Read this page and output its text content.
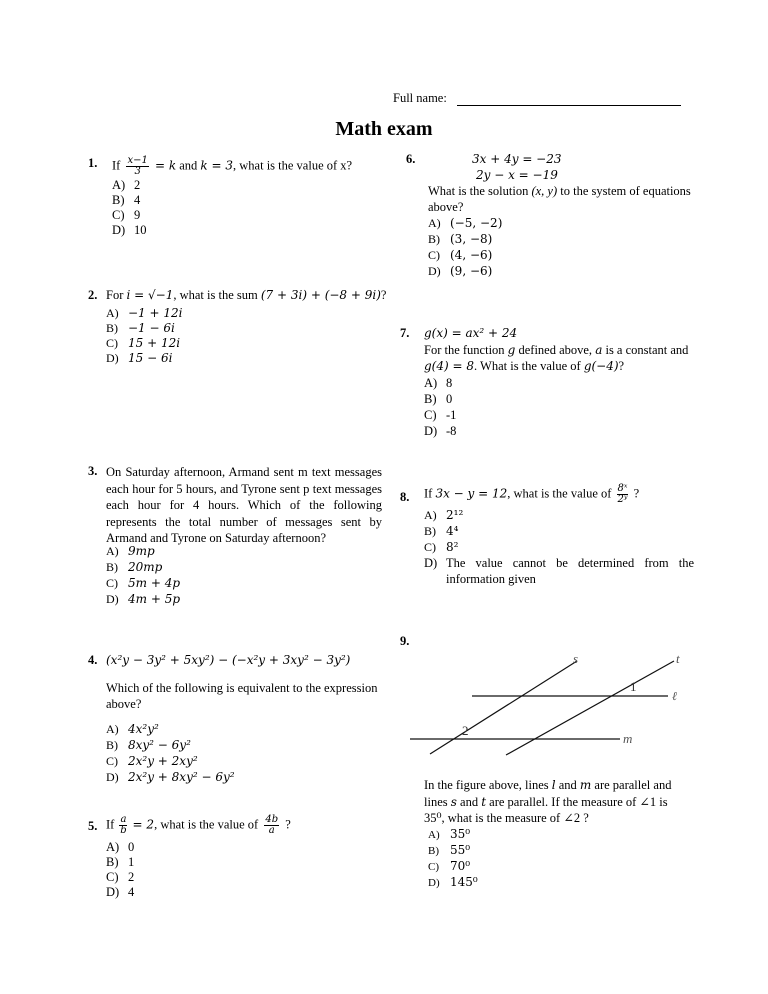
Full name:
Math exam
1. If $\frac{x-1}{3} = k$ and k = 3, what is the value of x?
A) 2
B) 4
C) 9
D) 10
2. For i = √−1, what is the sum (7 + 3i) + (−8 + 9i)?
A) −1 + 12i
B) −1 − 6i
C) 15 + 12i
D) 15 − 6i
3. On Saturday afternoon, Armand sent m text messages each hour for 5 hours, and Tyrone sent p text messages each hour for 4 hours. Which of the following represents the total number of messages sent by Armand and Tyrone on Saturday afternoon?
A) 9mp
B) 20mp
C) 5m + 4p
D) 4m + 5p
4. (x²y − 3y² + 5xy²) − (−x²y + 3xy² − 3y²)
Which of the following is equivalent to the expression
above?
A) 4x²y²
B) 8xy² − 6y²
C) 2x²y + 2xy²
D) 2x²y + 8xy² − 6y²
5. If $\frac{a}{b} = 2$, what is the value of $\frac{4b}{a}$ ?
A) 0
B) 1
C) 2
D) 4
6.	3x + 4y = −23
2y − x = −19
What is the solution (x, y) to the system of equations
above?
A) (−5, −2)
B) (3, −8)
C) (4, −6)
D) (9, −6)
7. g(x) = ax² + 24
For the function g defined above, a is a constant and
g(4) = 8. What is the value of g(−4)?
A) 8
B) 0
C) -1
D) -8
8. If 3x − y = 12, what is the value of $\frac{\text{8ˣ}}{\text{2ʸ}}$ ?
A) 2¹²
B) 4⁴
C) 8²
D) The value cannot be determined from the
information given
9.
s	t
ℓ
m
1
2
In the figure above, lines l and m are parallel and
lines s and t are parallel. If the measure of ∠1 is
35⁰, what is the measure of ∠2 ?
A) 35⁰
B) 55⁰
C) 70⁰
D) 145⁰
